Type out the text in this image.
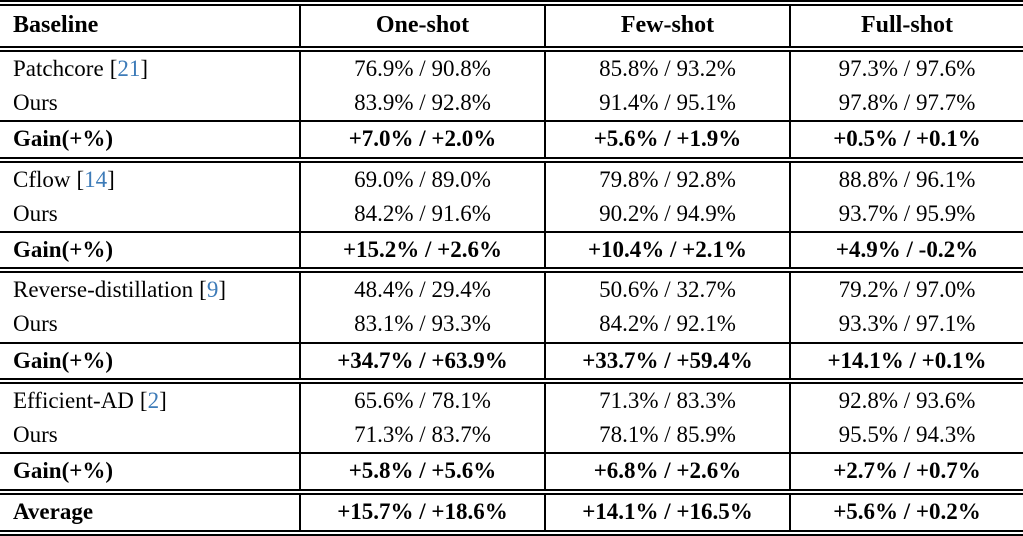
Baseline	One-shot	Few-shot	Full-shot
Patchcore [21]	76.9% / 90.8%	85.8% / 93.2%	97.3% / 97.6%
Ours	83.9% / 92.8%	91.4% / 95.1%	97.8% / 97.7%
Gain(+%)	+7.0% / +2.0%	+5.6% / +1.9%	+0.5% / +0.1%
Cflow [14]	69.0% / 89.0%	79.8% / 92.8%	88.8% / 96.1%
Ours	84.2% / 91.6%	90.2% / 94.9%	93.7% / 95.9%
Gain(+%)	+15.2% / +2.6%	+10.4% / +2.1%	+4.9% / -0.2%
Reverse-distillation [9]	48.4% / 29.4%	50.6% / 32.7%	79.2% / 97.0%
Ours	83.1% / 93.3%	84.2% / 92.1%	93.3% / 97.1%
Gain(+%)	+34.7% / +63.9%	+33.7% / +59.4%	+14.1% / +0.1%
Efficient-AD [2]	65.6% / 78.1%	71.3% / 83.3%	92.8% / 93.6%
Ours	71.3% / 83.7%	78.1% / 85.9%	95.5% / 94.3%
Gain(+%)	+5.8% / +5.6%	+6.8% / +2.6%	+2.7% / +0.7%
Average	+15.7% / +18.6%	+14.1% / +16.5%	+5.6% / +0.2%
